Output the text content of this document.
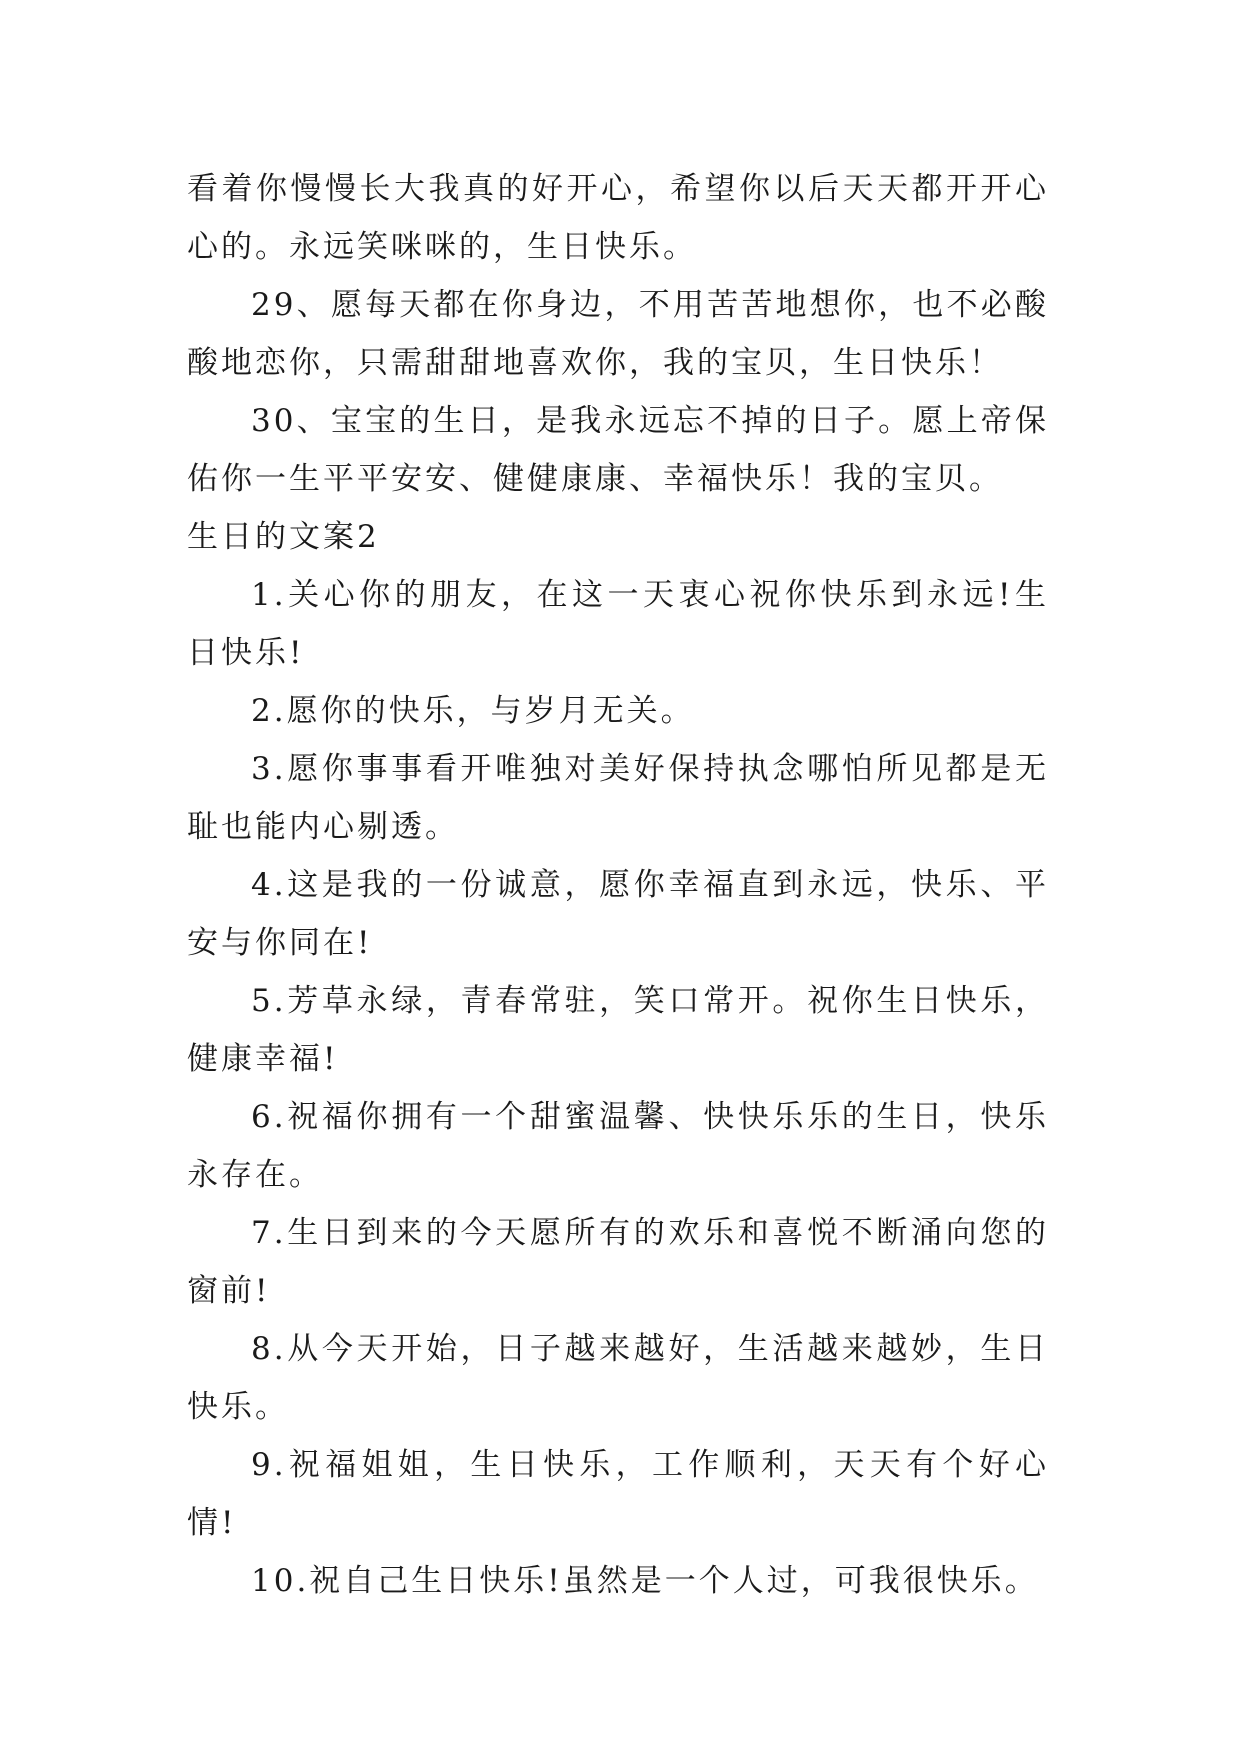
看着你慢慢长大我真的好开心，希望你以后天天都开开心心的。永远笑咪咪的，生日快乐。

29、愿每天都在你身边，不用苦苦地想你，也不必酸酸地恋你，只需甜甜地喜欢你，我的宝贝，生日快乐！

30、宝宝的生日，是我永远忘不掉的日子。愿上帝保佑你一生平平安安、健健康康、幸福快乐！我的宝贝。

生日的文案2

1.关心你的朋友，在这一天衷心祝你快乐到永远!生日快乐!

2.愿你的快乐，与岁月无关。

3.愿你事事看开唯独对美好保持执念哪怕所见都是无耻也能内心剔透。

4.这是我的一份诚意，愿你幸福直到永远，快乐、平安与你同在!

5.芳草永绿，青春常驻，笑口常开。祝你生日快乐，健康幸福!

6.祝福你拥有一个甜蜜温馨、快快乐乐的生日，快乐永存在。

7.生日到来的今天愿所有的欢乐和喜悦不断涌向您的窗前!

8.从今天开始，日子越来越好，生活越来越妙，生日快乐。

9.祝福姐姐，生日快乐，工作顺利，天天有个好心情!

10.祝自己生日快乐!虽然是一个人过，可我很快乐。
